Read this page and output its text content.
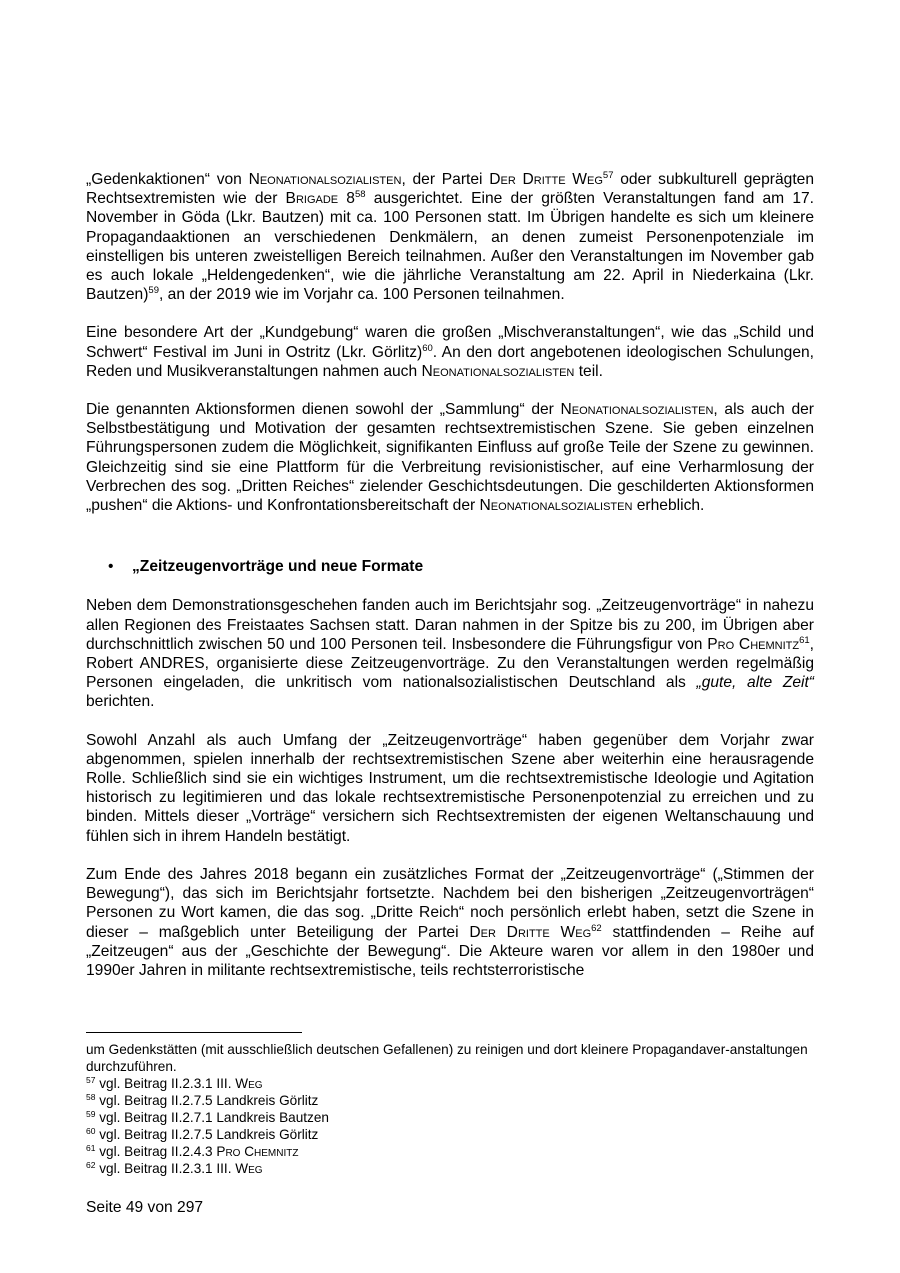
„Gedenkaktionen“ von Neonationalsozialisten, der Partei Der Dritte Weg$^{57}$ oder subkulturell geprägten Rechtsextremisten wie der Brigade $8^{58}$ ausgerichtet. Eine der größten Veranstaltungen fand am 17. November in Göda (Lkr. Bautzen) mit ca. 100 Personen statt. Im Übrigen handelte es sich um kleinere Propagandaaktionen an verschiedenen Denkmälern, an denen zumeist Personenpotenziale im einstelligen bis unteren zweistelligen Bereich teilnahmen. Außer den Veranstaltungen im November gab es auch lokale „Heldengedenken“, wie die jährliche Veranstaltung am 22. April in Niederkaina (Lkr. Bautzen)$^{59}$, an der 2019 wie im Vorjahr ca. 100 Personen teilnahmen.

Eine besondere Art der „Kundgebung“ waren die großen „Mischveranstaltungen“, wie das „Schild und Schwert“ Festival im Juni in Ostritz (Lkr. Görlitz)$^{60}$. An den dort angebotenen ideologischen Schulungen, Reden und Musikveranstaltungen nahmen auch Neonationalsozialisten teil.

Die genannten Aktionsformen dienen sowohl der „Sammlung“ der Neonationalsozialisten, als auch der Selbstbestätigung und Motivation der gesamten rechtsextremistischen Szene. Sie geben einzelnen Führungspersonen zudem die Möglichkeit, signifikanten Einfluss auf große Teile der Szene zu gewinnen. Gleichzeitig sind sie eine Plattform für die Verbreitung revisionistischer, auf eine Verharmlosung der Verbrechen des sog. „Dritten Reiches“ zielender Geschichtsdeutungen. Die geschilderten Aktionsformen „pushen“ die Aktions- und Konfrontationsbereitschaft der Neonationalsozialisten erheblich.

• „Zeitzeugenvorträge und neue Formate

Neben dem Demonstrationsgeschehen fanden auch im Berichtsjahr sog. „Zeitzeugenvorträge“ in nahezu allen Regionen des Freistaates Sachsen statt. Daran nahmen in der Spitze bis zu 200, im Übrigen aber durchschnittlich zwischen 50 und 100 Personen teil. Insbesondere die Führungsfigur von Pro Chemnitz$^{61}$, Robert ANDRES, organisierte diese Zeitzeugenvorträge. Zu den Veranstaltungen werden regelmäßig Personen eingeladen, die unkritisch vom nationalsozialistischen Deutschland als „gute, alte Zeit“ berichten.

Sowohl Anzahl als auch Umfang der „Zeitzeugenvorträge“ haben gegenüber dem Vorjahr zwar abgenommen, spielen innerhalb der rechtsextremistischen Szene aber weiterhin eine herausragende Rolle. Schließlich sind sie ein wichtiges Instrument, um die rechtsextremistische Ideologie und Agitation historisch zu legitimieren und das lokale rechtsextremistische Personenpotenzial zu erreichen und zu binden. Mittels dieser „Vorträge“ versichern sich Rechtsextremisten der eigenen Weltanschauung und fühlen sich in ihrem Handeln bestätigt.

Zum Ende des Jahres 2018 begann ein zusätzliches Format der „Zeitzeugenvorträge“ („Stimmen der Bewegung“), das sich im Berichtsjahr fortsetzte. Nachdem bei den bisherigen „Zeitzeugenvorträgen“ Personen zu Wort kamen, die das sog. „Dritte Reich“ noch persönlich erlebt haben, setzt die Szene in dieser – maßgeblich unter Beteiligung der Partei Der Dritte Weg$^{62}$ stattfindenden – Reihe auf „Zeitzeugen“ aus der „Geschichte der Bewegung“. Die Akteure waren vor allem in den 1980er und 1990er Jahren in militante rechtsextremistische, teils rechtsterroristische

um Gedenkstätten (mit ausschließlich deutschen Gefallenen) zu reinigen und dort kleinere Propagandaver-anstaltungen durchzuführen.

$^{57}$ vgl. Beitrag II.2.3.1 III. Weg

$^{58}$ vgl. Beitrag II.2.7.5 Landkreis Görlitz

$^{59}$ vgl. Beitrag II.2.7.1 Landkreis Bautzen

$^{60}$ vgl. Beitrag II.2.7.5 Landkreis Görlitz

$^{61}$ vgl. Beitrag II.2.4.3 Pro Chemnitz

$^{62}$ vgl. Beitrag II.2.3.1 III. Weg

Seite 49 von 297
